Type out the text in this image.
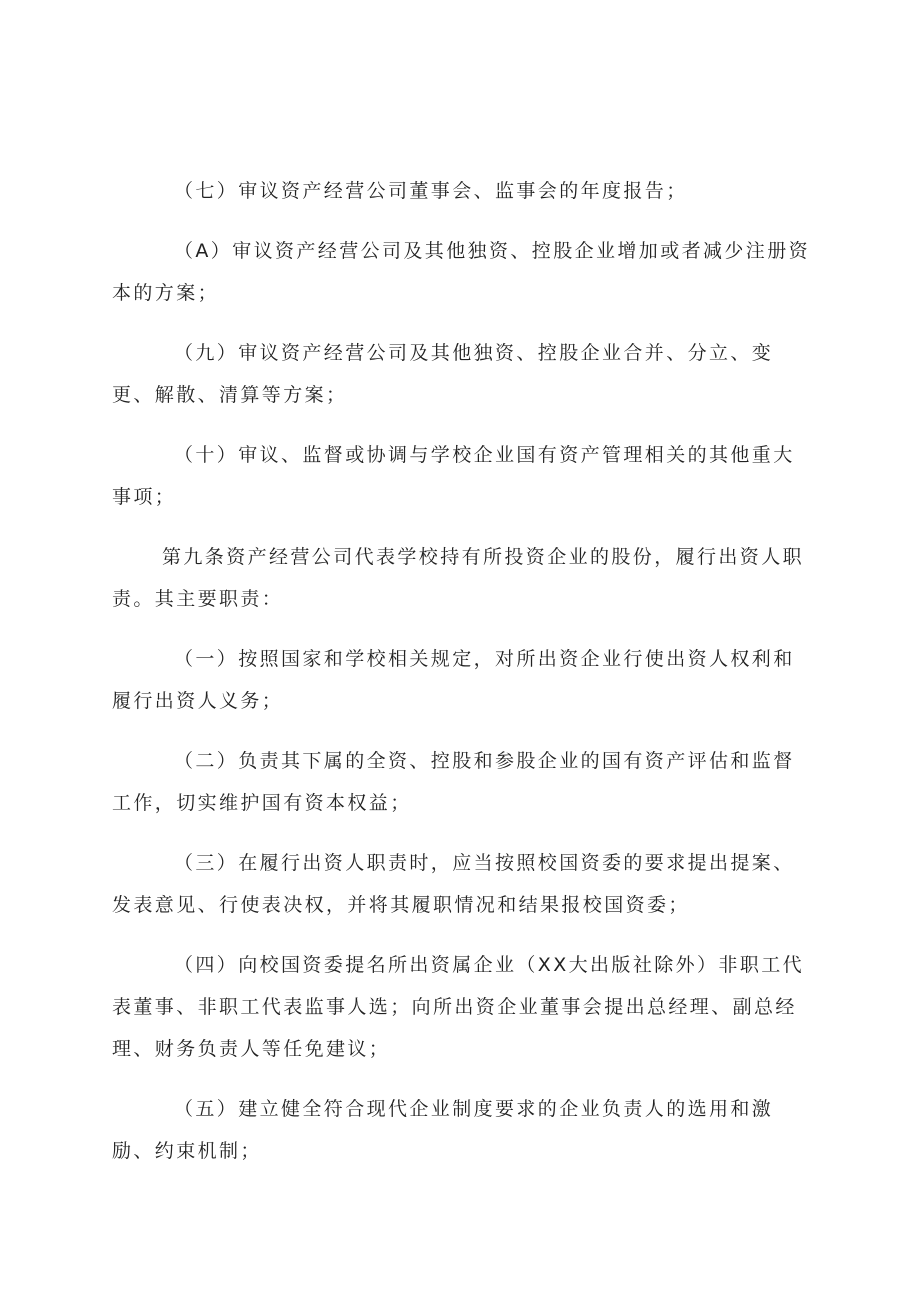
（七）审议资产经营公司董事会、监事会的年度报告；

（A）审议资产经营公司及其他独资、控股企业增加或者减少注册资本的方案；

（九）审议资产经营公司及其他独资、控股企业合并、分立、变更、解散、清算等方案；

（十）审议、监督或协调与学校企业国有资产管理相关的其他重大事项；

第九条资产经营公司代表学校持有所投资企业的股份，履行出资人职责。其主要职责：

（一）按照国家和学校相关规定，对所出资企业行使出资人权利和履行出资人义务；

（二）负责其下属的全资、控股和参股企业的国有资产评估和监督工作，切实维护国有资本权益；

（三）在履行出资人职责时，应当按照校国资委的要求提出提案、发表意见、行使表决权，并将其履职情况和结果报校国资委；

（四）向校国资委提名所出资属企业（XX大出版社除外）非职工代表董事、非职工代表监事人选；向所出资企业董事会提出总经理、副总经理、财务负责人等任免建议；

（五）建立健全符合现代企业制度要求的企业负责人的选用和激励、约束机制；
